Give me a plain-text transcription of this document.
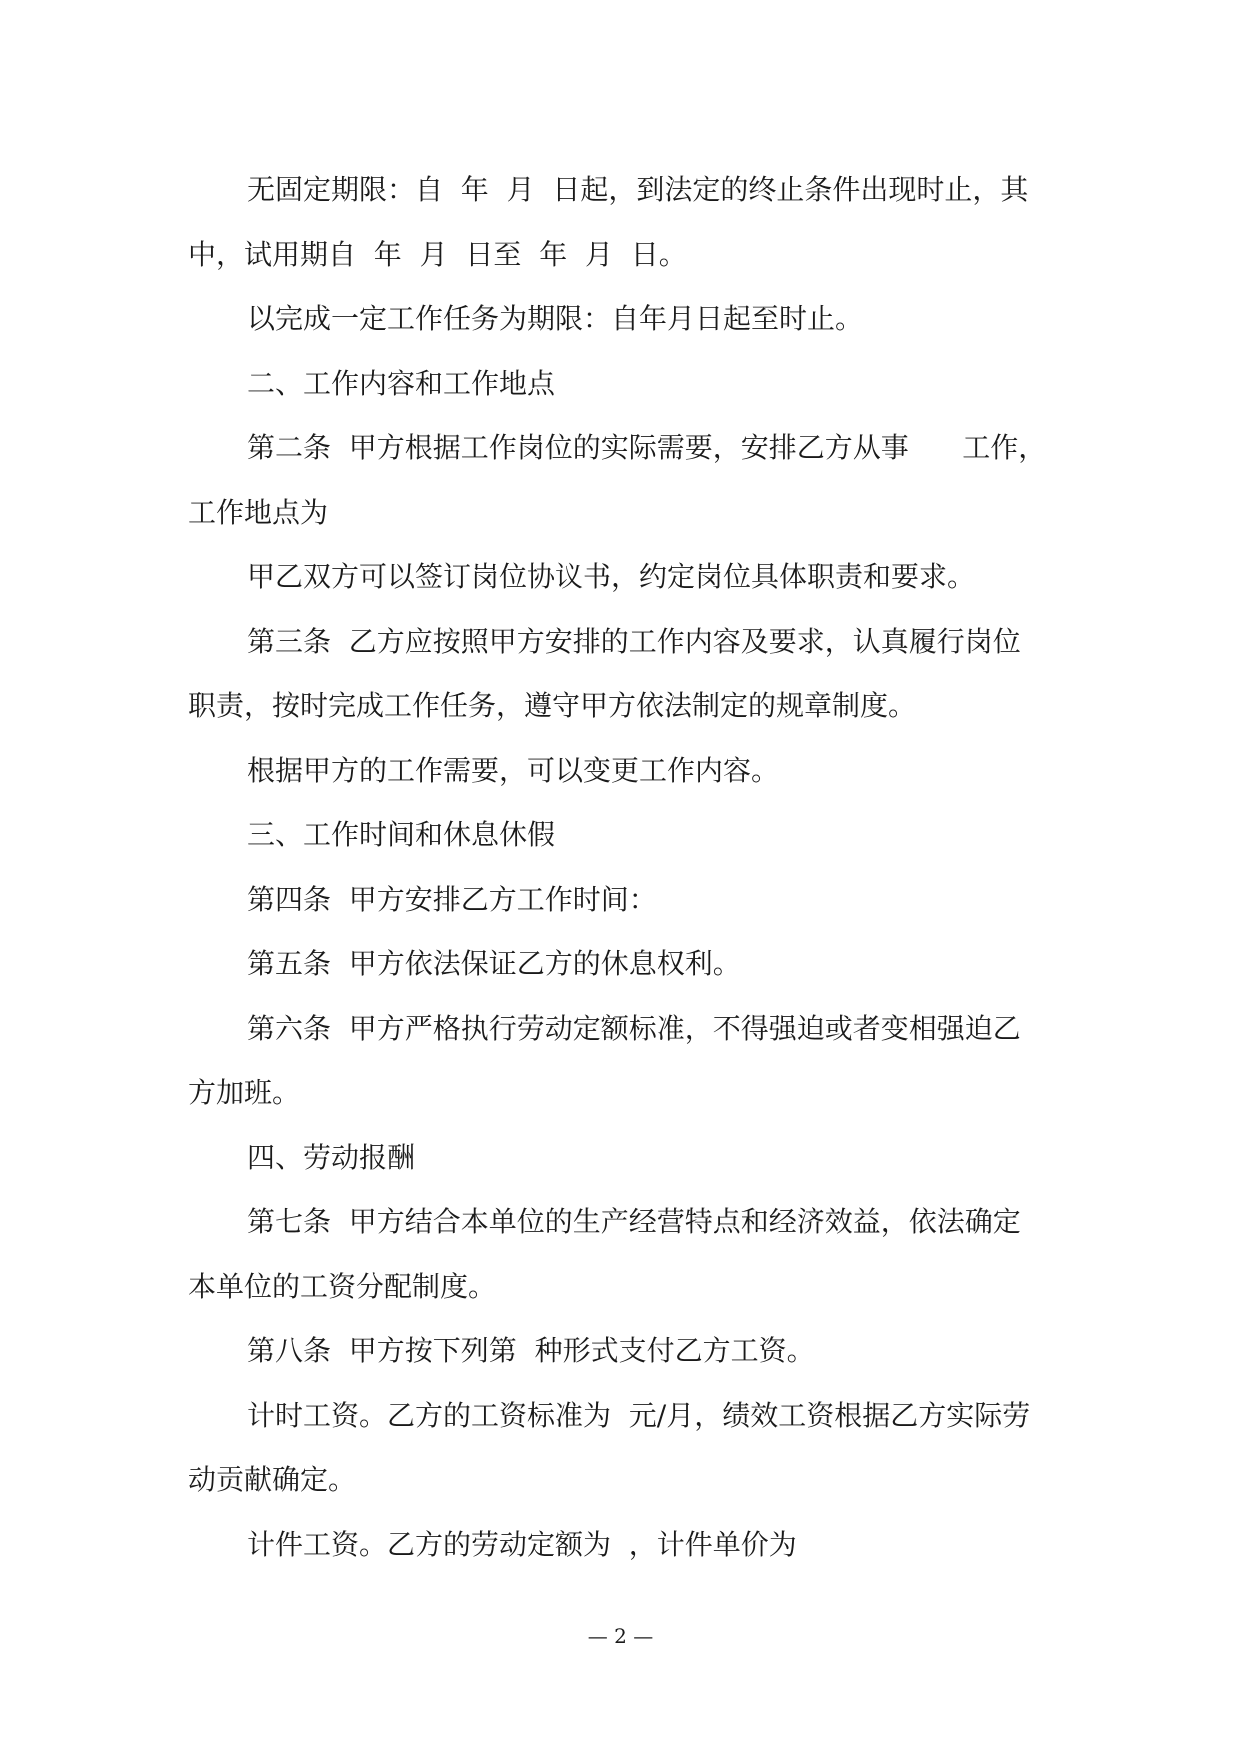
无固定期限：自  年  月  日起，到法定的终止条件出现时止，其

中，试用期自  年  月  日至  年  月  日。

以完成一定工作任务为期限：自年月日起至时止。

二、工作内容和工作地点

第二条  甲方根据工作岗位的实际需要，安排乙方从事      工作，

工作地点为

甲乙双方可以签订岗位协议书，约定岗位具体职责和要求。

第三条  乙方应按照甲方安排的工作内容及要求，认真履行岗位

职责，按时完成工作任务，遵守甲方依法制定的规章制度。

根据甲方的工作需要，可以变更工作内容。

三、工作时间和休息休假

第四条  甲方安排乙方工作时间：

第五条  甲方依法保证乙方的休息权利。

第六条  甲方严格执行劳动定额标准，不得强迫或者变相强迫乙

方加班。

四、劳动报酬

第七条  甲方结合本单位的生产经营特点和经济效益，依法确定

本单位的工资分配制度。

第八条  甲方按下列第  种形式支付乙方工资。

计时工资。乙方的工资标准为  元/月，绩效工资根据乙方实际劳

动贡献确定。

计件工资。乙方的劳动定额为  ，计件单价为

— 2 —
